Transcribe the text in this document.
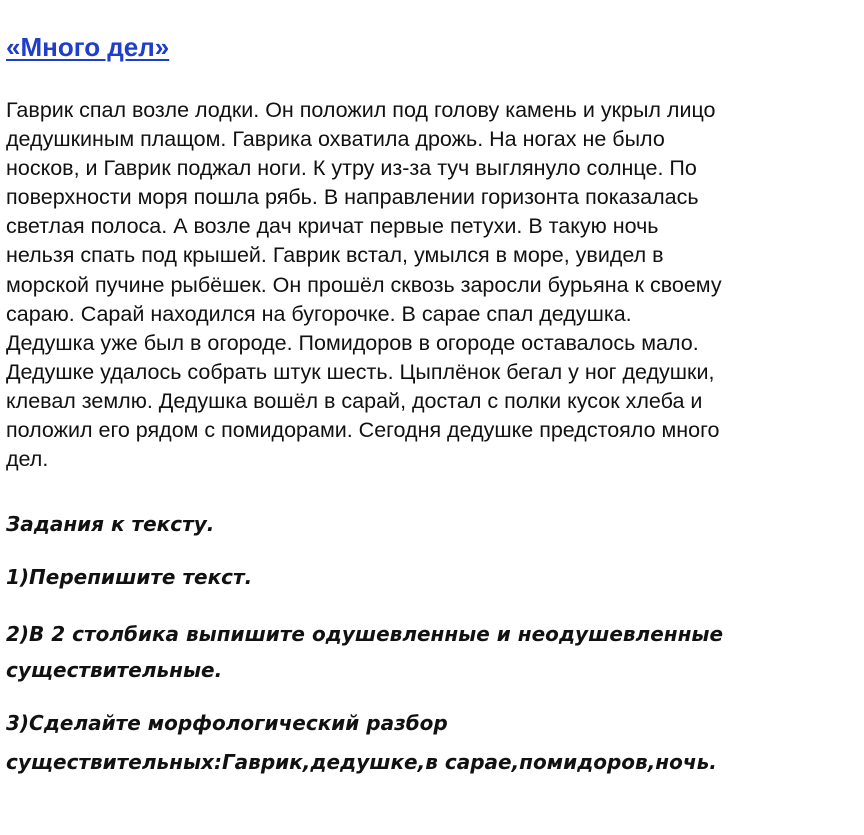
«Много дел»

Гаврик спал возле лодки. Он положил под голову камень и укрыл лицо
дедушкиным плащом. Гаврика охватила дрожь. На ногах не было
носков, и Гаврик поджал ноги. К утру из-за туч выглянуло солнце. По
поверхности моря пошла рябь. В направлении горизонта показалась
светлая полоса. А возле дач кричат первые петухи. В такую ночь
нельзя спать под крышей. Гаврик встал, умылся в море, увидел в
морской пучине рыбёшек. Он прошёл сквозь заросли бурьяна к своему
сараю. Сарай находился на бугорочке. В сарае спал дедушка.
Дедушка уже был в огороде. Помидоров в огороде оставалось мало.
Дедушке удалось собрать штук шесть. Цыплёнок бегал у ног дедушки,
клевал землю. Дедушка вошёл в сарай, достал с полки кусок хлеба и
положил его рядом с помидорами. Сегодня дедушке предстояло много
дел.

Задания к тексту.

1)Перепишите текст.

2)В 2 столбика выпишите одушевленные и неодушевленные
существительные.

3)Сделайте морфологический разбор
существительных:Гаврик,дедушке,в сарае,помидоров,ночь.
